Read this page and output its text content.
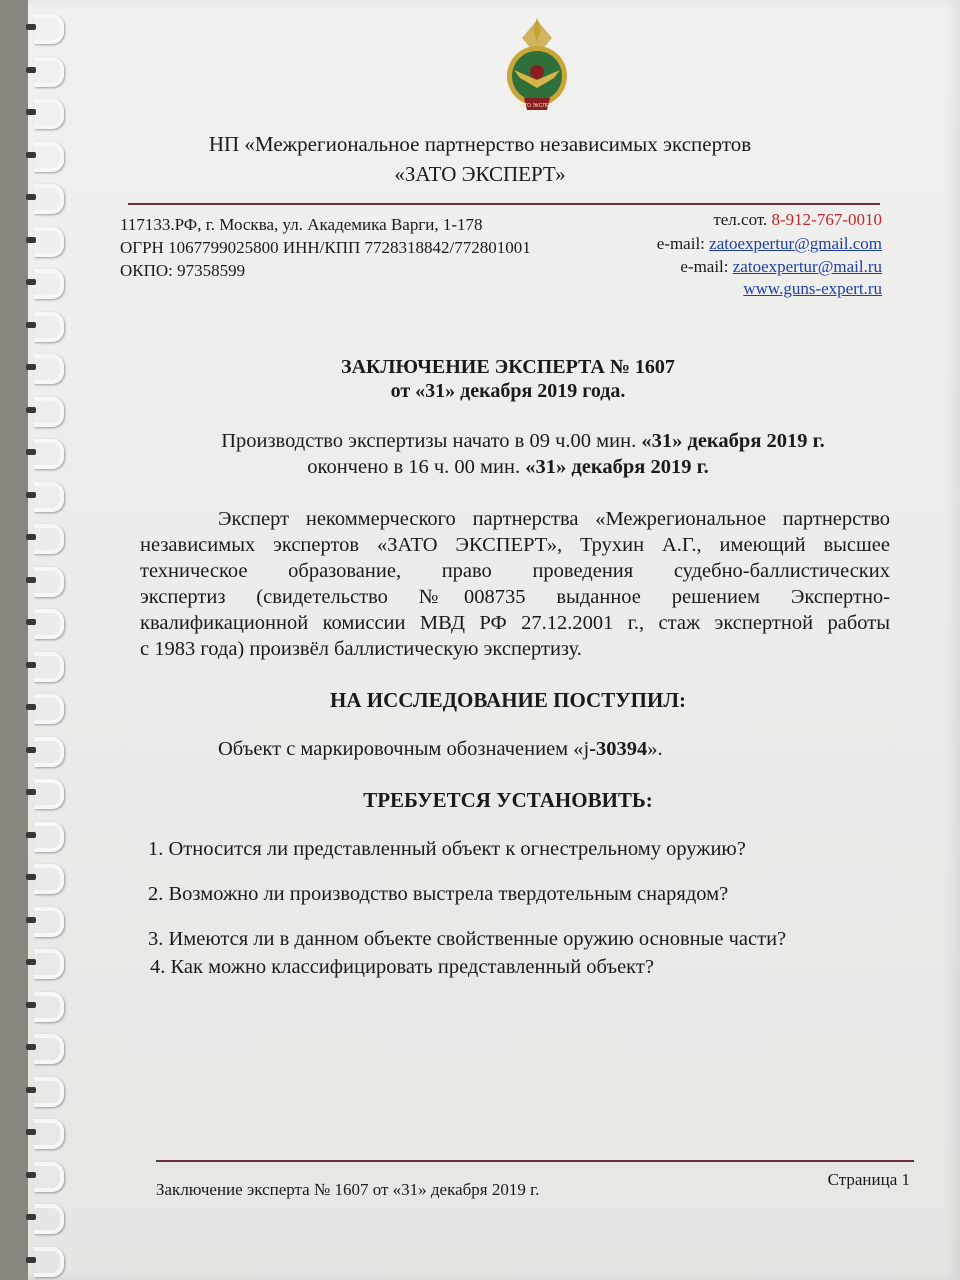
ЗАТО ЭКСПЕРТ
НП «Межрегиональное партнерство независимых экспертов
«ЗАТО ЭКСПЕРТ»
117133.РФ, г. Москва, ул. Академика Варги, 1-178
ОГРН 1067799025800 ИНН/КПП 7728318842/772801001
ОКПО: 97358599
тел.сот. 8-912-767-0010
e-mail: zatoexpertur@gmail.com
e-mail: zatoexpertur@mail.ru
www.guns-expert.ru
ЗАКЛЮЧЕНИЕ ЭКСПЕРТА № 1607
от «31» декабря 2019 года.
Производство экспертизы начато в 09 ч.00 мин. «31» декабря 2019 г.
окончено в 16 ч. 00 мин. «31» декабря 2019 г.
Эксперт некоммерческого партнерства «Межрегиональное партнерство
независимых экспертов «ЗАТО ЭКСПЕРТ», Трухин А.Г., имеющий высшее
техническое образование, право проведения судебно-баллистических
экспертиз (свидетельство №008735 выданное решением Экспертно-
квалификационной комиссии МВД РФ 27.12.2001 г., стаж экспертной работы
с 1983 года) произвёл баллистическую экспертизу.
НА ИССЛЕДОВАНИЕ ПОСТУПИЛ:
Объект с маркировочным обозначением «j-30394».
ТРЕБУЕТСЯ УСТАНОВИТЬ:
1. Относится ли представленный объект к огнестрельному оружию?
2. Возможно ли производство выстрела твердотельным снарядом?
3. Имеются ли в данном объекте свойственные оружию основные части?
4. Как можно классифицировать представленный объект?
Заключение эксперта № 1607 от «31» декабря 2019 г.
Страница 1
